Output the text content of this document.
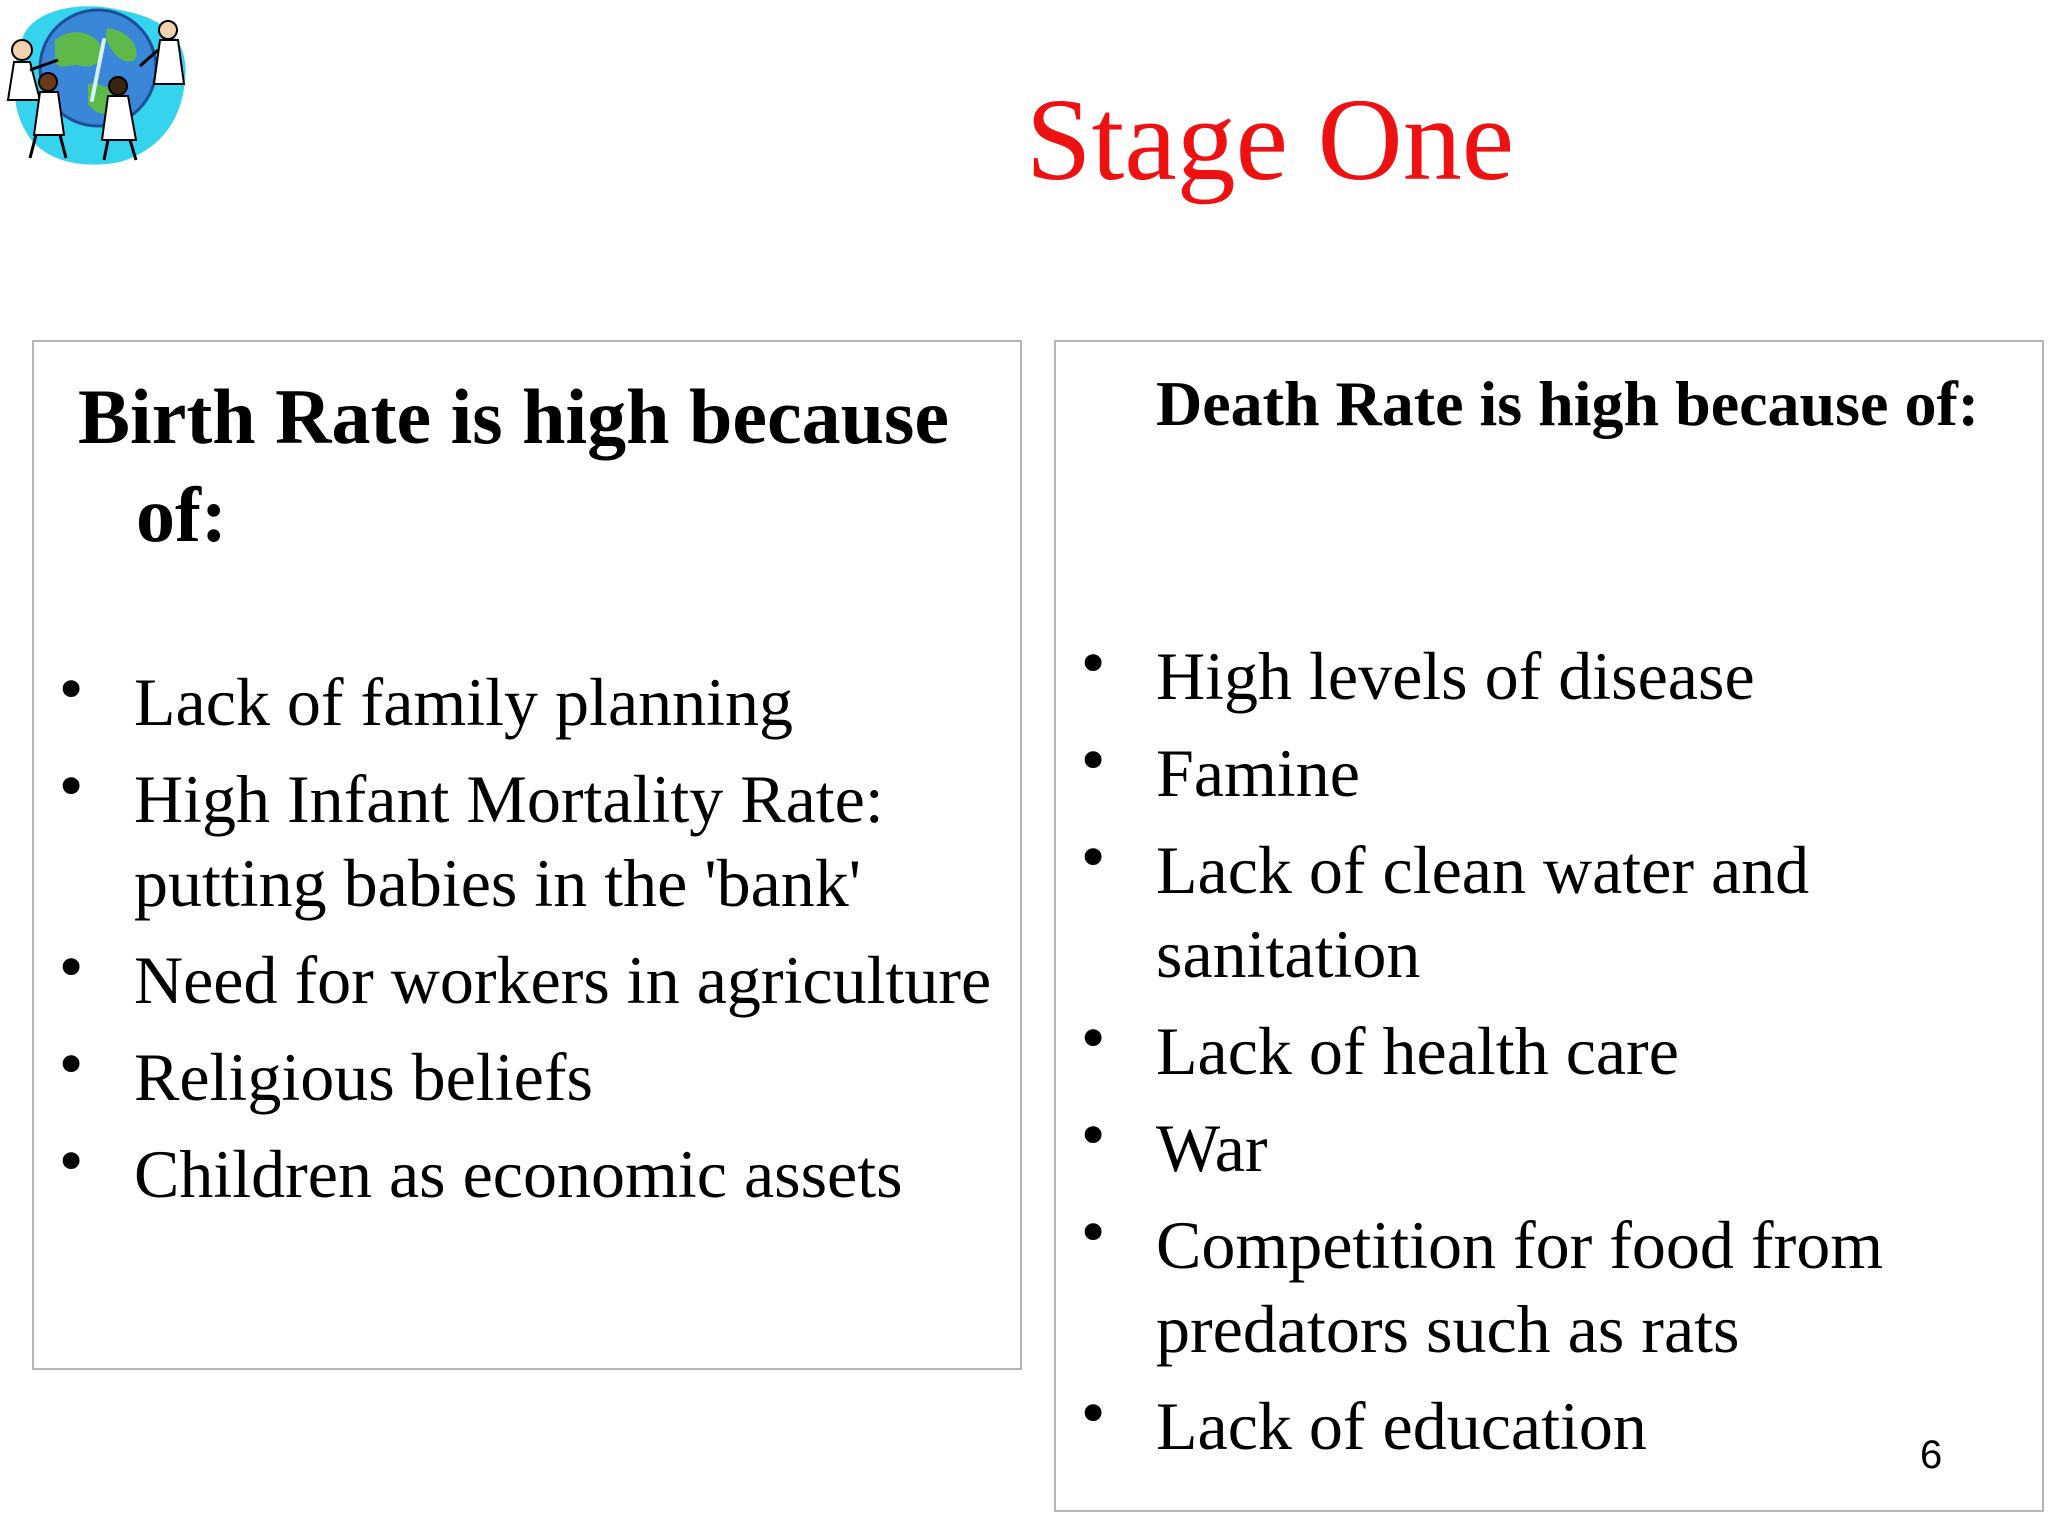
Stage One

Birth Rate is high because of:

• Lack of family planning
• High Infant Mortality Rate: putting babies in the 'bank'
• Need for workers in agriculture
• Religious beliefs
• Children as economic assets

Death Rate is high because of:

• High levels of disease
• Famine
• Lack of clean water and sanitation
• Lack of health care
• War
• Competition for food from predators such as rats
• Lack of education	6
